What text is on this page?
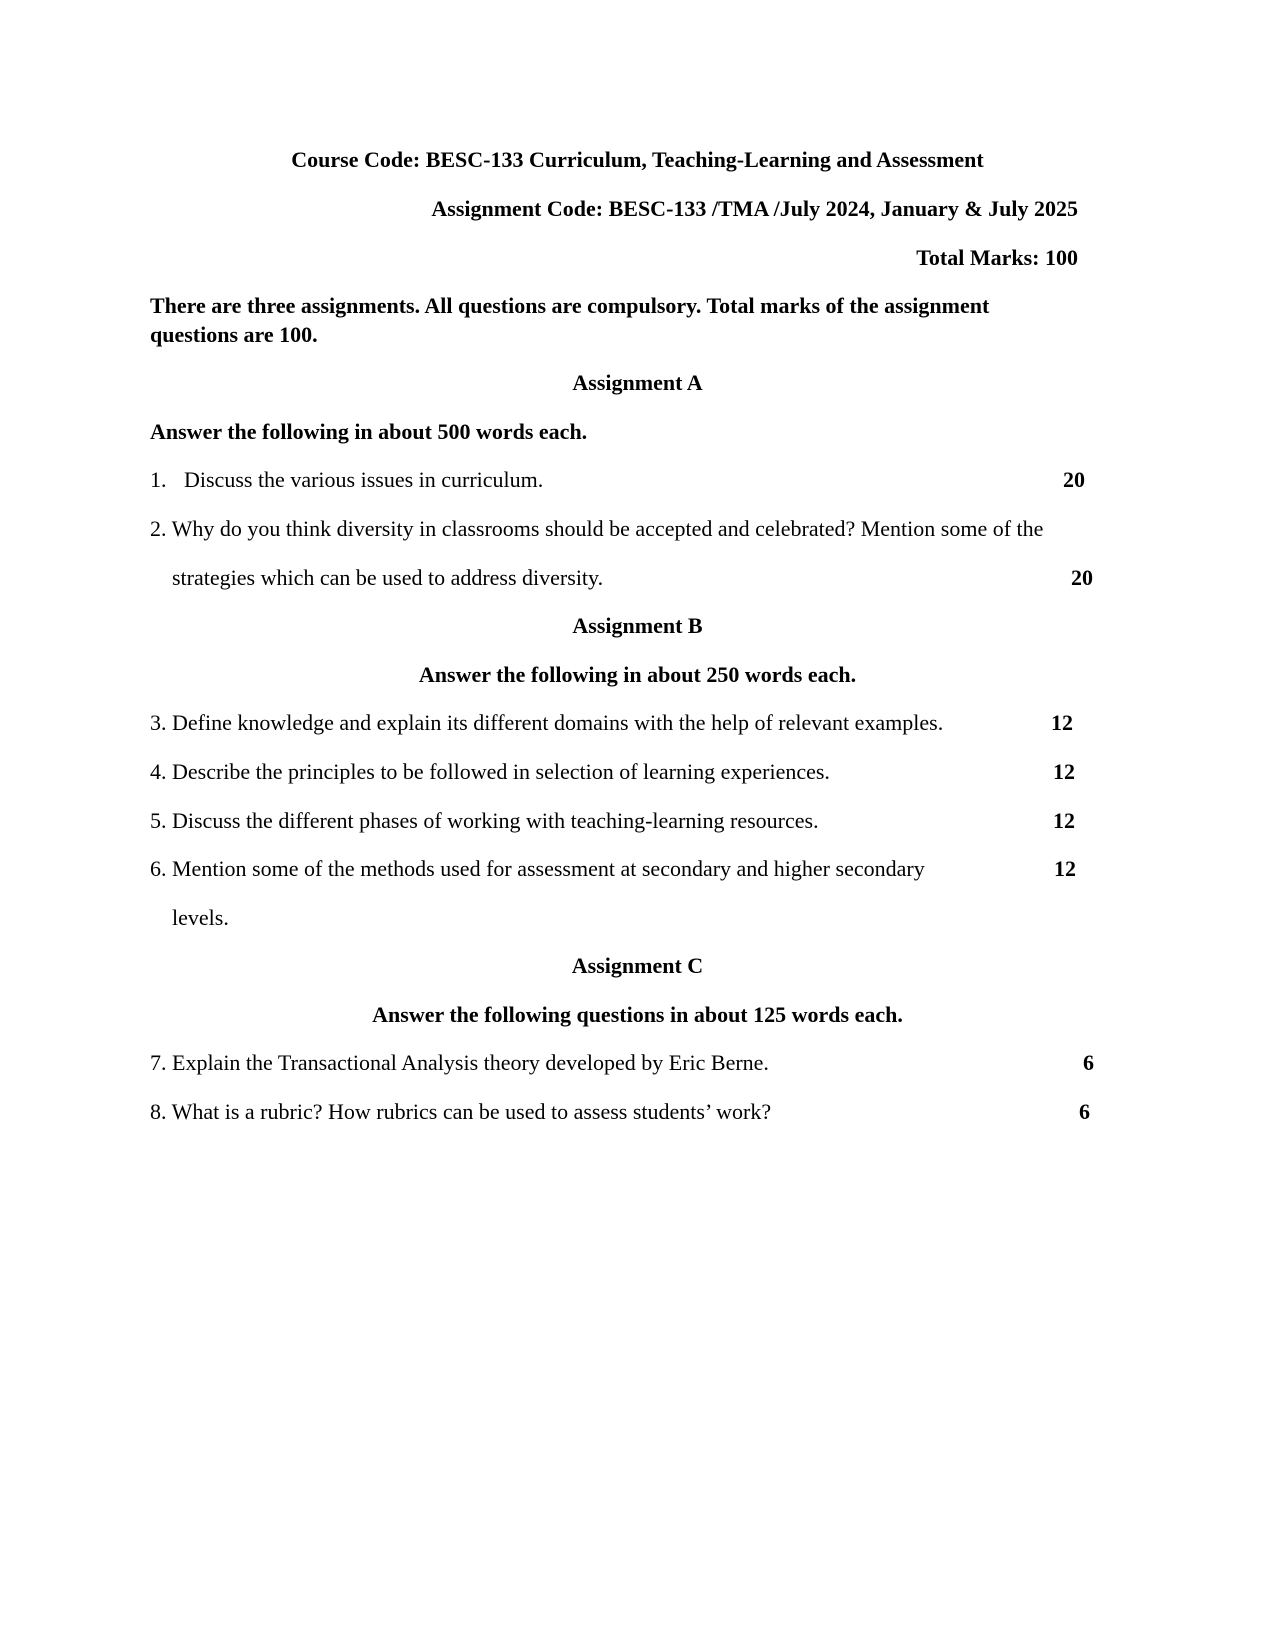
Course Code: BESC-133 Curriculum, Teaching-Learning and Assessment
Assignment Code: BESC-133 /TMA /July 2024, January & July 2025
Total Marks: 100
There are three assignments. All questions are compulsory. Total marks of the assignment
questions are 100.
Assignment A
Answer the following in about 500 words each.
1. Discuss the various issues in curriculum.	20
2. Why do you think diversity in classrooms should be accepted and celebrated? Mention some of the
strategies which can be used to address diversity.	20
Assignment B
Answer the following in about 250 words each.
3. Define knowledge and explain its different domains with the help of relevant examples.	12
4. Describe the principles to be followed in selection of learning experiences.	12
5. Discuss the different phases of working with teaching-learning resources.	12
6. Mention some of the methods used for assessment at secondary and higher secondary	12
levels.
Assignment C
Answer the following questions in about 125 words each.
7. Explain the Transactional Analysis theory developed by Eric Berne.	6
8. What is a rubric? How rubrics can be used to assess students’ work?	6
